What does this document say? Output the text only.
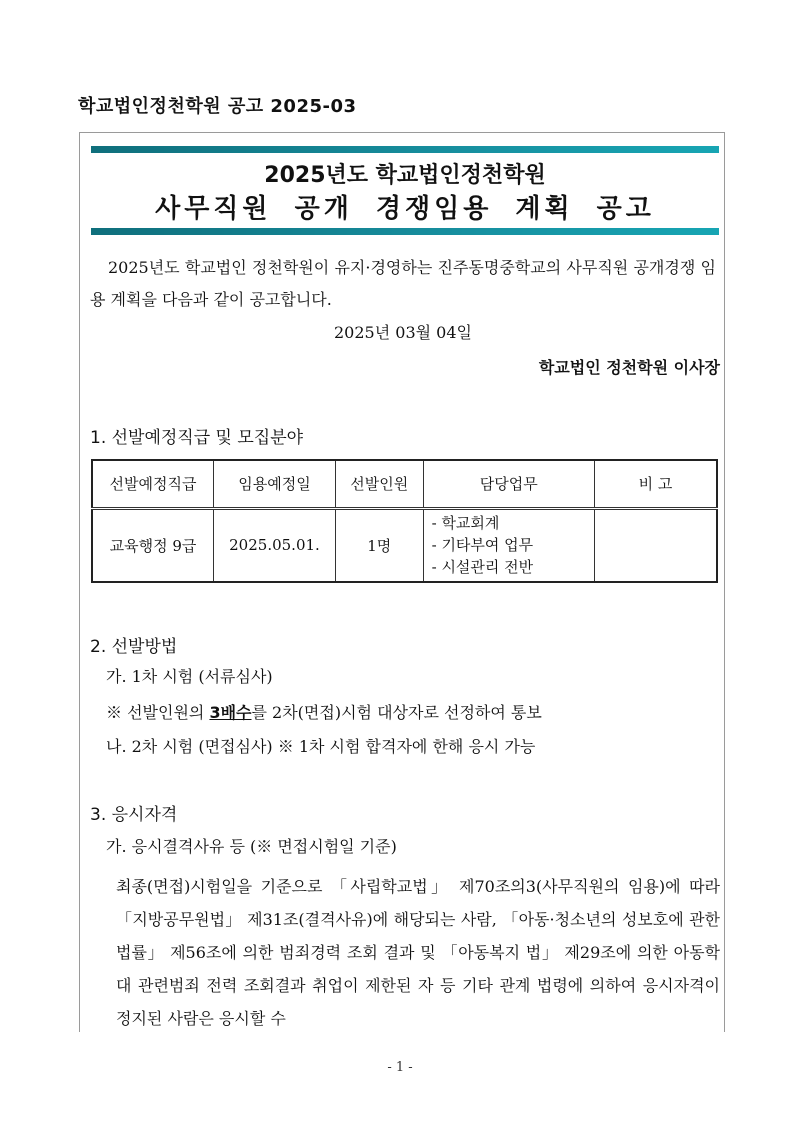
학교법인정천학원 공고 2025-03
2025년도 학교법인정천학원
사무직원 공개 경쟁임용 계획 공고
2025년도 학교법인 정천학원이 유지·경영하는 진주동명중학교의 사무직원 공개경쟁 임용 계획을 다음과 같이 공고합니다.
2025년 03월 04일
학교법인 정천학원 이사장
1. 선발예정직급 및 모집분야
선발예정직급	임용예정일	선발인원	담당업무	비 고
교육행정 9급	2025.05.01.	1명	- 학교회계
- 기타부여 업무
- 시설관리 전반	

2. 선발방법
가. 1차 시험 (서류심사)
※ 선발인원의 3배수를 2차(면접)시험 대상자로 선정하여 통보
나. 2차 시험 (면접심사) ※ 1차 시험 합격자에 한해 응시 가능
3. 응시자격
가. 응시결격사유 등 (※ 면접시험일 기준)
최종(면접)시험일을 기준으로 「사립학교법」 제70조의3(사무직원의 임용)에 따라「지방공무원법」 제31조(결격사유)에 해당되는 사람, 「아동·청소년의 성보호에 관한 법률」 제56조에 의한 범죄경력 조회 결과 및 「아동복지 법」 제29조에 의한 아동학대 관련범죄 전력 조회결과 취업이 제한된 자 등 기타 관계 법령에 의하여 응시자격이 정지된 사람은 응시할 수
- 1 -
